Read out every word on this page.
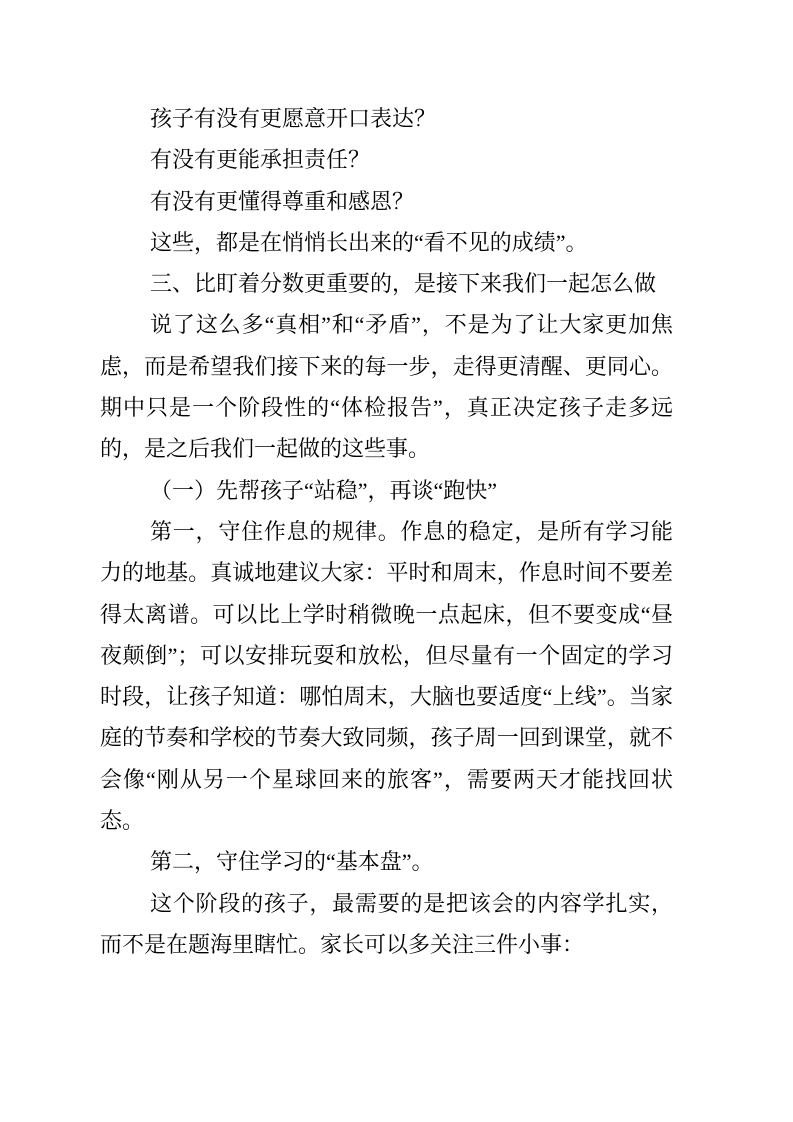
孩子有没有更愿意开口表达？

有没有更能承担责任？

有没有更懂得尊重和感恩？

这些，都是在悄悄长出来的“看不见的成绩”。

三、比盯着分数更重要的，是接下来我们一起怎么做

说了这么多“真相”和“矛盾”，不是为了让大家更加焦虑，而是希望我们接下来的每一步，走得更清醒、更同心。期中只是一个阶段性的“体检报告”，真正决定孩子走多远的，是之后我们一起做的这些事。

（一）先帮孩子“站稳”，再谈“跑快”

第一，守住作息的规律。作息的稳定，是所有学习能力的地基。真诚地建议大家：平时和周末，作息时间不要差得太离谱。可以比上学时稍微晚一点起床，但不要变成“昼夜颠倒”；可以安排玩耍和放松，但尽量有一个固定的学习时段，让孩子知道：哪怕周末，大脑也要适度“上线”。当家庭的节奏和学校的节奏大致同频，孩子周一回到课堂，就不会像“刚从另一个星球回来的旅客”，需要两天才能找回状态。

第二，守住学习的“基本盘”。

这个阶段的孩子，最需要的是把该会的内容学扎实，而不是在题海里瞎忙。家长可以多关注三件小事：
